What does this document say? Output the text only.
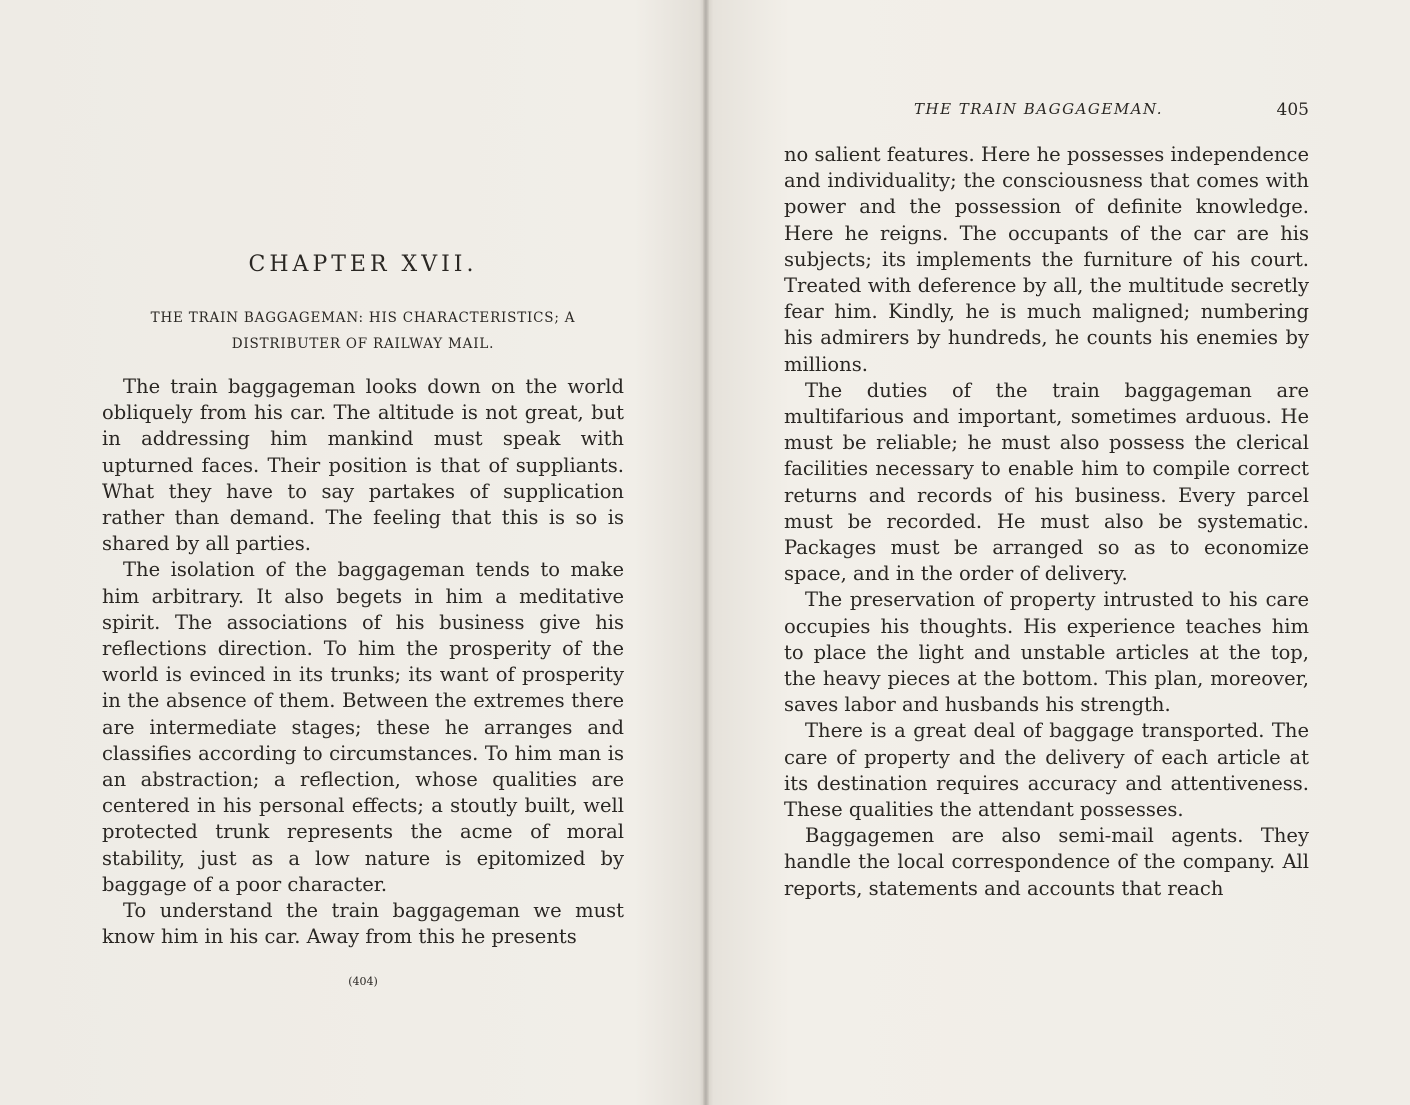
CHAPTER XVII.
THE TRAIN BAGGAGEMAN: HIS CHARACTERISTICS; A DISTRIBUTER OF RAILWAY MAIL.

The train baggageman looks down on the world obliquely from his car. The altitude is not great, but in addressing him mankind must speak with upturned faces. Their position is that of suppliants. What they have to say partakes of supplication rather than demand. The feeling that this is so is shared by all parties.

The isolation of the baggageman tends to make him arbitrary. It also begets in him a meditative spirit. The associations of his business give his reflections direction. To him the prosperity of the world is evinced in its trunks; its want of prosperity in the absence of them. Between the extremes there are intermediate stages; these he arranges and classifies according to circumstances. To him man is an abstraction; a reflection, whose qualities are centered in his personal effects; a stoutly built, well protected trunk represents the acme of moral stability, just as a low nature is epitomized by baggage of a poor character.

To understand the train baggageman we must know him in his car. Away from this he presents

(404)
THE TRAIN BAGGAGEMAN.	405

no salient features. Here he possesses independence and individuality; the consciousness that comes with power and the possession of definite knowledge. Here he reigns. The occupants of the car are his subjects; its implements the furniture of his court. Treated with deference by all, the multitude secretly fear him. Kindly, he is much maligned; numbering his admirers by hundreds, he counts his enemies by millions.

The duties of the train baggageman are multifarious and important, sometimes arduous. He must be reliable; he must also possess the clerical facilities necessary to enable him to compile correct returns and records of his business. Every parcel must be recorded. He must also be systematic. Packages must be arranged so as to economize space, and in the order of delivery.

The preservation of property intrusted to his care occupies his thoughts. His experience teaches him to place the light and unstable articles at the top, the heavy pieces at the bottom. This plan, moreover, saves labor and husbands his strength.

There is a great deal of baggage transported. The care of property and the delivery of each article at its destination requires accuracy and attentiveness. These qualities the attendant possesses.

Baggagemen are also semi-mail agents. They handle the local correspondence of the company. All reports, statements and accounts that reach
